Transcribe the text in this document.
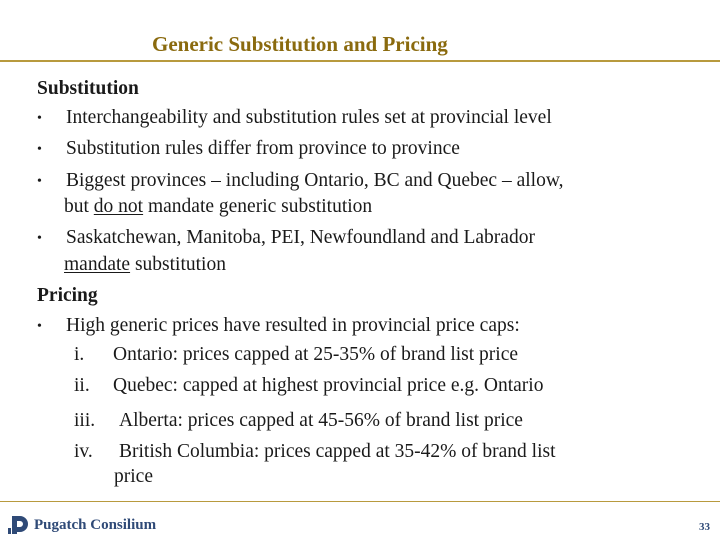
Generic Substitution and Pricing
Substitution
• Interchangeability and substitution rules set at provincial level
• Substitution rules differ from province to province
• Biggest provinces – including Ontario, BC and Quebec – allow,
but do not mandate generic substitution
• Saskatchewan, Manitoba, PEI, Newfoundland and Labrador
mandate substitution
Pricing
• High generic prices have resulted in provincial price caps:
i. Ontario: prices capped at 25-35% of brand list price
ii. Quebec: capped at highest provincial price e.g. Ontario
iii. Alberta: prices capped at 45-56% of brand list price
iv. British Columbia: prices capped at 35-42% of brand list
price
Pugatch Consilium	33
